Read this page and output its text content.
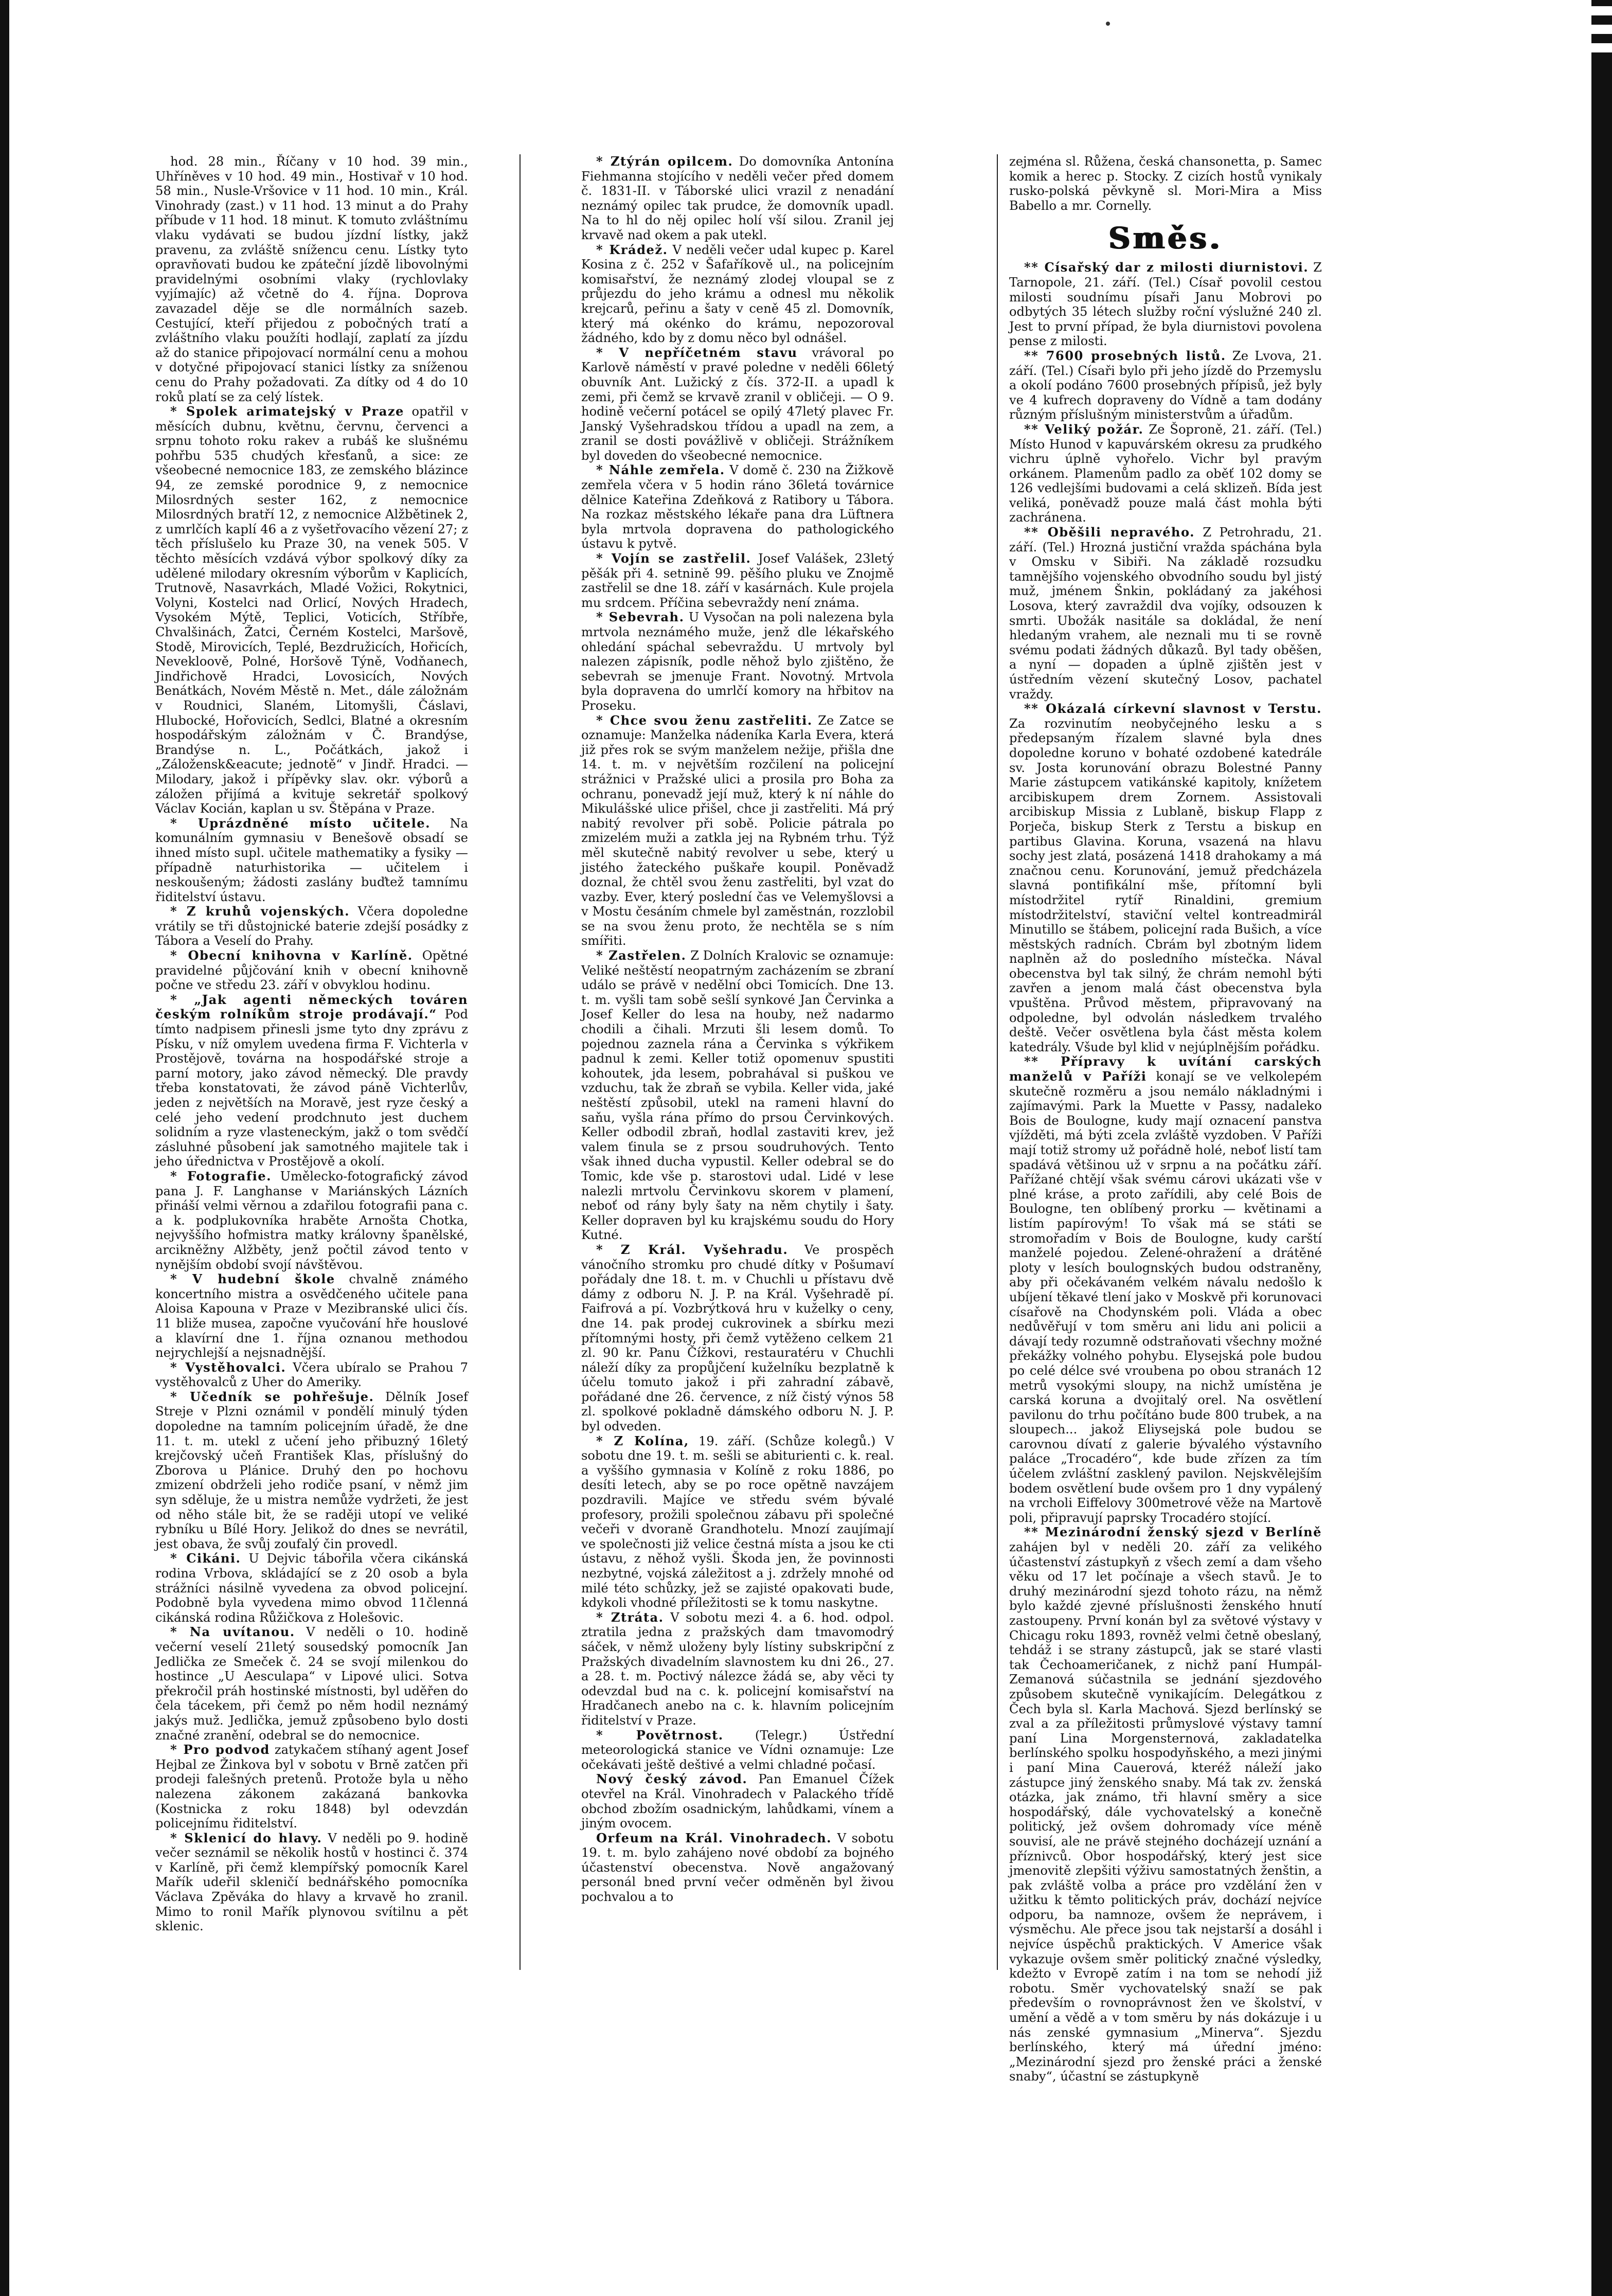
hod. 28 min., Říčany v 10 hod. 39 min., Uhříněves v 10 hod. 49 min., Hostivař v 10 hod. 58 min., Nusle-Vršovice v 11 hod. 10 min., Král. Vinohrady (zast.) v 11 hod. 13 minut a do Prahy příbude v 11 hod. 18 minut. K tomuto zvláštnímu vlaku vydávati se budou jízdní lístky, jakž pravenu, za zvláště snížencu cenu. Lístky tyto opravňovati budou ke zpáteční jízdě libovolnými pravidelnými osobními vlaky (rychlovlaky vyjímajíc) až včetně do 4. října. Doprova zavazadel děje se dle normálních sazeb. Cestující, kteří přijedou z pobočných tratí a zvláštního vlaku použíti hodlají, zaplatí za jízdu až do stanice připojovací normální cenu a mohou v dotyčné připojovací stanici lístky za sníženou cenu do Prahy požadovati. Za dítky od 4 do 10 roků platí se za celý lístek.

* Spolek arimatejský v Praze opatřil v měsících dubnu, květnu, červnu, červenci a srpnu tohoto roku rakev a rubáš ke slušnému pohřbu 535 chudých křesťanů, a sice: ze všeobecné nemocnice 183, ze zemského blázince 94, ze zemské porodnice 9, z nemocnice Milosrdných sester 162, z nemocnice Milosrdných bratří 12, z nemocnice Alžbětinek 2, z umrlčích kaplí 46 a z vyšetřovacího vězení 27; z těch příslušelo ku Praze 30, na venek 505. V těchto měsících vzdává výbor spolkový díky za udělené milodary okresním výborům v Kaplicích, Trutnově, Nasavrkách, Mladé Vožici, Rokytnici, Volyni, Kostelci nad Orlicí, Nových Hradech, Vysokém Mýtě, Teplici, Voticích, Stříbře, Chvalšinách, Žatci, Černém Kostelci, Maršově, Stodě, Mirovicích, Teplé, Bezdružicích, Hořicích, Nevekloově, Polné, Horšově Týně, Vodňanech, Jindřichově Hradci, Lovosicích, Nových Benátkách, Novém Městě n. Met., dále záložnám v Roudnici, Slaném, Litomyšli, Čáslavi, Hlubocké, Hořovicích, Sedlci, Blatné a okresním hospodářským záložnám v Č. Brandýse, Brandýse n. L., Počátkách, jakož i „Záložensk&eacute; jednotě“ v Jindř. Hradci. — Milodary, jakož i přípěvky slav. okr. výborů a záložen přijímá a kvituje sekretář spolkový Václav Kocián, kaplan u sv. Štěpána v Praze.

* Uprázdněné místo učitele. Na komunálním gymnasiu v Benešově obsadí se ihned místo supl. učitele mathematiky a fysiky — případně naturhistorika — učitelem i neskoušeným; žádosti zaslány buďtež tamnímu řiditelství ústavu.

* Z kruhů vojenských. Včera dopoledne vrátily se tři důstojnické baterie zdejší posádky z Tábora a Veselí do Prahy.

* Obecní knihovna v Karlíně. Opětné pravidelné půjčování knih v obecní knihovně počne ve středu 23. září v obvyklou hodinu.

* „Jak agenti německých továren českým rolníkům stroje prodávají.“ Pod tímto nadpisem přinesli jsme tyto dny zprávu z Písku, v níž omylem uvedena firma F. Vichterla v Prostějově, továrna na hospodářské stroje a parní motory, jako závod německý. Dle pravdy třeba konstatovati, že závod páně Vichterlův, jeden z největších na Moravě, jest ryze český a celé jeho vedení prodchnuto jest duchem solidním a ryze vlasteneckým, jakž o tom svědčí zásluhné působení jak samotného majitele tak i jeho úřednictva v Prostějově a okolí.

* Fotografie. Umělecko-fotografický závod pana J. F. Langhanse v Mariánských Lázních přináší velmi věrnou a zdařilou fotografii pana c. a k. podplukovníka hraběte Arnošta Chotka, nejvyššího hofmistra matky královny španělské, arcikněžny Alžběty, jenž počtil závod tento v nynějším období svojí návštěvou.

* V hudební škole chvalně známého koncertního mistra a osvědčeného učitele pana Aloisa Kapouna v Praze v Mezibranské ulici čís. 11 bliže musea, započne vyučování hře houslové a klavírní dne 1. října oznanou methodou nejrychlejší a nejsnadnější.

* Vystěhovalci. Včera ubíralo se Prahou 7 vystěhovalců z Uher do Ameriky.

* Učedník se pohřešuje. Dělník Josef Streje v Plzni oznámil v pondělí minulý týden dopoledne na tamním policejním úřadě, že dne 11. t. m. utekl z učení jeho přibuzný 16letý krejčovský učeň František Klas, příslušný do Zborova u Plánice. Druhý den po hochovu zmizení obdrželi jeho rodiče psaní, v němž jim syn sděluje, že u mistra nemůže vydržeti, že jest od něho stále bit, že se raději utopí ve veliké rybníku u Bílé Hory. Jelikož do dnes se nevrátil, jest obava, že svůj zoufalý čin provedl.

* Cikáni. U Dejvic tábořila včera cikánská rodina Vrbova, skládající se z 20 osob a byla strážníci násilně vyvedena za obvod policejní. Podobně byla vyvedena mimo obvod 11členná cikánská rodina Růžičkova z Holešovic.

* Na uvítanou. V neděli o 10. hodině večerní veselí 21letý sousedský pomocník Jan Jedlička ze Smeček č. 24 se svojí milenkou do hostince „U Aesculapa“ v Lipové ulici. Sotva překročil práh hostinské místnosti, byl uděřen do čela tácekem, při čemž po něm hodil neznámý jakýs muž. Jedlička, jemuž způsobeno bylo dosti značné zranění, odebral se do nemocnice.

* Pro podvod zatykačem stíhaný agent Josef Hejbal ze Žinkova byl v sobotu v Brně zatčen při prodeji falešných pretenů. Protože byla u něho nalezena zákonem zakázaná bankovka (Kostnicka z roku 1848) byl odevzdán policejnímu řiditelství.

* Sklenicí do hlavy. V neděli po 9. hodině večer seznámil se několik hostů v hostinci č. 374 v Karlíně, při čemž klempířský pomocník Karel Mařík udeřil skleničí bednářského pomocníka Václava Zpěváka do hlavy a krvavě ho zranil. Mimo to ronil Mařík plynovou svítilnu a pět sklenic.

* Ztýrán opilcem. Do domovníka Antonína Fiehmanna stojícího v neděli večer před domem č. 1831-II. v Táborské ulici vrazil z nenadání neznámý opilec tak prudce, že domovník upadl. Na to hl do něj opilec holí vší silou. Zranil jej krvavě nad okem a pak utekl.

* Krádež. V neděli večer udal kupec p. Karel Kosina z č. 252 v Šafaříkově ul., na policejním komisařství, že neznámý zlodej vloupal se z průjezdu do jeho krámu a odnesl mu několik krejcarů, peřinu a šaty v ceně 45 zl. Domovník, který má okénko do krámu, nepozoroval žádného, kdo by z domu něco byl odnášel.

* V nepříčetném stavu vrávoral po Karlově náměstí v pravé poledne v neděli 66letý obuvník Ant. Lužický z čís. 372-II. a upadl k zemi, při čemž se krvavě zranil v obličeji. — O 9. hodině večerní potácel se opilý 47letý plavec Fr. Janský Vyšehradskou třídou a upadl na zem, a zranil se dosti povážlivě v obličeji. Strážníkem byl doveden do všeobecné nemocnice.

* Náhle zemřela. V domě č. 230 na Žižkově zemřela včera v 5 hodin ráno 36letá továrnice dělnice Kateřina Zdeňková z Ratibory u Tábora. Na rozkaz městského lékaře pana dra Lüftnera byla mrtvola dopravena do pathologického ústavu k pytvě.

* Vojín se zastřelil. Josef Valášek, 23letý pěšák při 4. setnině 99. pěšího pluku ve Znojmě zastřelil se dne 18. září v kasárnách. Kule projela mu srdcem. Příčina sebevraždy není známa.

* Sebevrah. U Vysočan na poli nalezena byla mrtvola neznámého muže, jenž dle lékařského ohledání spáchal sebevraždu. U mrtvoly byl nalezen zápisník, podle něhož bylo zjištěno, že sebevrah se jmenuje Frant. Novotný. Mrtvola byla dopravena do umrlčí komory na hřbitov na Proseku.

* Chce svou ženu zastřeliti. Ze Zatce se oznamuje: Manželka nádeníka Karla Evera, která již přes rok se svým manželem nežije, přišla dne 14. t. m. v největším rozčilení na policejní strážnici v Pražské ulici a prosila pro Boha za ochranu, ponevadž její muž, který k ní náhle do Mikulášské ulice přišel, chce ji zastřeliti. Má prý nabitý revolver při sobě. Policie pátrala po zmizelém muži a zatkla jej na Rybném trhu. Týž měl skutečně nabitý revolver u sebe, který u jistého žateckého puškaře koupil. Poněvadž doznal, že chtěl svou ženu zastřeliti, byl vzat do vazby. Ever, který poslední čas ve Velemyšlovsi a v Mostu česáním chmele byl zaměstnán, rozzlobil se na svou ženu proto, že nechtěla se s ním smířiti.

* Zastřelen. Z Dolních Kralovic se oznamuje: Veliké neštěstí neopatrným zacházením se zbraní událo se právě v nedělní obci Tomicích. Dne 13. t. m. vyšli tam sobě sešlí synkové Jan Červinka a Josef Keller do lesa na houby, než nadarmo chodili a čihali. Mrzuti šli lesem domů. To pojednou zaznela rána a Červinka s výkřikem padnul k zemi. Keller totiž opomenuv spustiti kohoutek, jda lesem, pobrahával si puškou ve vzduchu, tak že zbraň se vybila. Keller vida, jaké neštěstí způsobil, utekl na rameni hlavní do saňu, vyšla rána přímo do prsou Červinkových. Keller odbodil zbraň, hodlal zastaviti krev, jež valem ťinula se z prsou soudruhových. Tento však ihned ducha vypustil. Keller odebral se do Tomic, kde vše p. starostovi udal. Lidé v lese nalezli mrtvolu Červinkovu skorem v plamení, neboť od rány byly šaty na něm chytily i šaty. Keller dopraven byl ku krajskému soudu do Hory Kutné.

* Z Král. Vyšehradu. Ve prospěch vánočního stromku pro chudé dítky v Pošumaví pořádaly dne 18. t. m. v Chuchli u přístavu dvě dámy z odboru N. J. P. na Král. Vyšehradě pí. Faifrová a pí. Vozbrýtková hru v kuželky o ceny, dne 14. pak prodej cukrovinek a sbírku mezi přítomnými hosty, při čemž vytěženo celkem 21 zl. 90 kr. Panu Čížkovi, restauratéru v Chuchli náleží díky za propůjčení kuželníku bezplatně k účelu tomuto jakož i při zahradní zábavě, pořádané dne 26. července, z níž čistý výnos 58 zl. spolkové pokladně dámského odboru N. J. P. byl odveden.

* Z Kolína, 19. září. (Schůze kolegů.) V sobotu dne 19. t. m. sešli se abiturienti c. k. real. a vyššího gymnasia v Kolíně z roku 1886, po desíti letech, aby se po roce opětně navzájem pozdravili. Majíce ve středu svém bývalé profesory, prožili společnou zábavu při společné večeři v dvoraně Grandhotelu. Mnozí zaujímají ve společnosti již velice čestná místa a jsou ke cti ústavu, z něhož vyšli. Škoda jen, že povinnosti nezbytné, vojská záležitost a j. zdržely mnohé od milé této schůzky, jež se zajisté opakovati bude, kdykoli vhodné příležitosti se k tomu naskytne.

* Ztráta. V sobotu mezi 4. a 6. hod. odpol. ztratila jedna z pražských dam tmavomodrý sáček, v němž uloženy byly lístiny subskripční z Pražských divadelním slavnostem ku dni 26., 27. a 28. t. m. Poctivý nálezce žádá se, aby věci ty odevzdal bud na c. k. policejní komisařství na Hradčanech anebo na c. k. hlavním policejním řiditelství v Praze.

* Povětrnost.	(Telegr.) Ústřední meteorologická stanice ve Vídni oznamuje: Lze očekávati ještě deštivé a velmi chladné počasí.

Nový český závod. Pan Emanuel Čížek otevřel na Král. Vinohradech v Palackého třídě obchod zbožím osadnickým, lahůdkami, vínem a jiným ovocem.

Orfeum na Král. Vinohradech. V sobotu 19. t. m. bylo zahájeno nové období za bojného účastenství obecenstva. Nově angažovaný personál bned první večer odměněn byl živou pochvalou a to

zejména sl. Růžena, česká chansonetta, p. Samec komik a herec p. Stocky. Z cizích hostů vynikaly rusko-polská pěvkyně sl. Mori-Mira a Miss Babello a mr. Cornelly.

Směs.

** Císařský dar z milosti diurnistovi. Z Tarnopole, 21. září. (Tel.) Císař povolil cestou milosti soudnímu písaři Janu Mobrovi po odbytých 35 létech služby roční výslužné 240 zl. Jest to první případ, že byla diurnistovi povolena pense z milosti.

** 7600 prosebných listů. Ze Lvova, 21. září. (Tel.) Císaři bylo při jeho jízdě do Przemyslu a okolí podáno 7600 prosebných přípisů, jež byly ve 4 kufrech dopraveny do Vídně a tam dodány různým příslušným ministerstvům a úřadům.

** Veliký požár. Ze Šoproně, 21. září. (Tel.) Místo Hunod v kapuvárském okresu za prudkého vichru úplně vyhořelo. Vichr byl pravým orkánem. Plamenům padlo za oběť 102 domy se 126 vedlejšími budovami a celá sklizeň. Bída jest veliká, poněvadž pouze malá část mohla býti zachránena.

** Oběšili nepravého. Z Petrohradu, 21. září. (Tel.) Hrozná justiční vražda spáchána byla v Omsku v Sibiři. Na základě rozsudku tamnějšího vojenského obvodního soudu byl jistý muž, jménem Šnkin, pokládaný za jakéhosi Losova, který zavraždil dva vojíky, odsouzen k smrti. Ubožák nasitále sa dokládal, že není hledaným vrahem, ale neznali mu ti se rovně svému podati žádných důkazů. Byl tady oběšen, a nyní — dopaden a úplně zjištěn jest v ústředním vězení skutečný Losov, pachatel vraždy.

** Okázalá církevní slavnost v Terstu. Za rozvinutím neobyčejného lesku a s předepsaným řízalem slavné byla dnes dopoledne koruno v bohaté ozdobené katedrále sv. Josta korunování obrazu Bolestné Panny Marie zástupcem vatikánské kapitoly, knížetem arcibiskupem drem Zornem. Assistovali arcibiskup Missia z Lublaně, biskup Flapp z Porječa, biskup Sterk z Terstu a biskup en partibus Glavina. Koruna, vsazená na hlavu sochy jest zlatá, posázená 1418 drahokamy a má značnou cenu. Korunování, jemuž předcházela slavná pontifikální mše, přítomní byli místodržitel rytíř Rinaldini, gremium místodržitelství, staviční veltel kontreadmirál Minutillo se štábem, policejní rada Bušich, a více městských radních. Cbrám byl zbotným lidem naplněn až do posledního místečka. Nával obecenstva byl tak silný, že chrám nemohl býti zavřen a jenom malá část obecenstva byla vpuštěna. Průvod městem, připravovaný na odpoledne, byl odvolán následkem trvalého deště. Večer osvětlena byla část města kolem katedrály. Všude byl klid v nejúplnějším pořádku.

** Přípravy k uvítání carských manželů v Paříži konají se ve velkolepém skutečně rozměru a jsou nemálo nákladnými i zajímavými. Park la Muette v Passy, nadaleko Bois de Boulogne, kudy mají oznacení panstva vjížděti, má býti zcela zvláště vyzdoben. V Paříži mají totiž stromy už pořádně holé, neboť listí tam spadává většinou už v srpnu a na počátku září. Pařížané chtějí však svému cárovi ukázati vše v plné kráse, a proto zařídili, aby celé Bois de Boulogne, ten oblíbený prorku — květinami a listím papírovým! To však má se státi se stromořadím v Bois de Boulogne, kudy carští manželé pojedou. Zelené-ohražení a drátěné ploty v lesích boulognských budou odstraněny, aby při očekávaném velkém návalu nedošlo k ubíjení těkavé tlení jako v Moskvě při korunovaci císařově na Chodynském poli. Vláda a obec nedůvěřují v tom směru ani lidu ani policii a dávají tedy rozumně odstraňovati všechny možné překážky volného pohybu. Elysejská pole budou po celé délce své vroubena po obou stranách 12 metrů vysokými sloupy, na nichž umístěna je carská koruna a dvojitalý orel. Na osvětlení pavilonu do trhu počítáno bude 800 trubek, a na sloupech... jakož Eliysejská pole budou se carovnou dívatí z galerie bývalého výstavního paláce „Trocadéro“, kde bude zřízen za tím účelem zvláštní zasklený pavilon. Nejskvělejším bodem osvětlení bude ovšem pro 1 dny vypálený na vrcholi Eiffelovy 300metrové věže na Martově poli, připravují paprsky Trocadéro stojící.

** Mezinárodní ženský sjezd v Berlíně zahájen byl v neděli 20. září za velikého účastenství zástupkyň z všech zemí a dam všeho věku od 17 let počínaje a všech stavů. Je to druhý mezinárodní sjezd tohoto rázu, na němž bylo každé zjevné příslušnosti ženského hnutí zastoupeny. První konán byl za světové výstavy v Chicagu roku 1893, rovněž velmi četně obeslaný, tehdáž i se strany zástupců, jak se staré vlasti tak Čechoameričanek, z nichž paní Humpál-Zemanová súčastnila se jednání sjezdového způsobem skutečně vynikajícím. Delegátkou z Čech byla sl. Karla Machová. Sjezd berlínský se zval a za příležitosti průmyslové výstavy tamní paní Lina Morgensternová, zakladatelka berlínského spolku hospodyňského, a mezi jinými i paní Mina Cauerová, kteréž náleží jako zástupce jiný ženského snaby. Má tak zv. ženská otázka, jak známo, tři hlavní směry a sice hospodářský, dále vychovatelský a konečně politický, jež ovšem dohromady více méně souvisí, ale ne právě stejného docházejí uznání a příznivců. Obor hospodářský, který jest sice jmenovitě zlepšiti výživu samostatných ženštin, a pak zvláště volba a práce pro vzdělání žen v užitku k těmto politických práv, dochází nejvíce odporu, ba namnoze, ovšem že neprávem, i výsměchu. Ale přece jsou tak nejstarší a dosáhl i nejvíce úspěchů praktických. V Americe však vykazuje ovšem směr politický značné výsledky, kdežto v Evropě zatím i na tom se nehodí již robotu. Směr vychovatelský snaží se pak především o rovnoprávnost žen ve školství, v umění a vědě a v tom směru by nás dokázuje i u nás zenské gymnasium „Minerva“. Sjezdu berlínského, který má úřední jméno: „Mezinárodní sjezd pro ženské práci a ženské snaby“, účastní se zástupkyně
